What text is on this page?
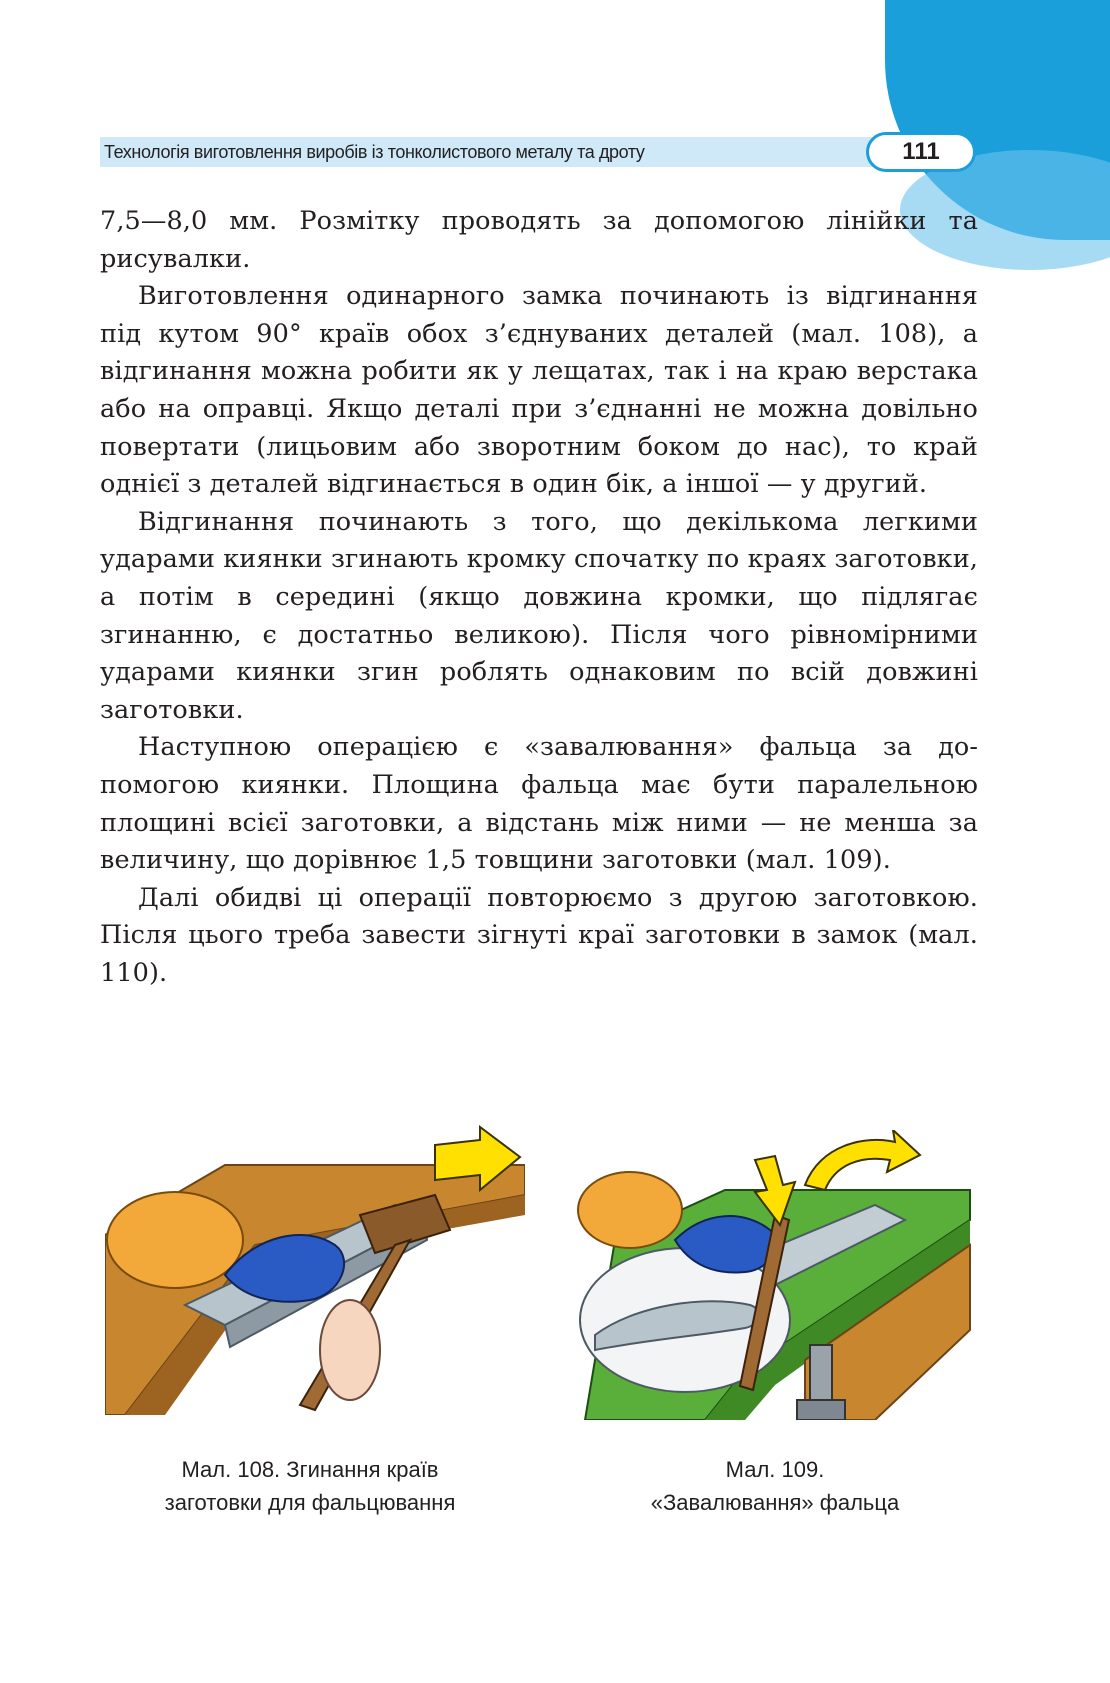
Технологія виготовлення виробів із тонколистового металу та дроту	111

7,5—8,0 мм. Розмітку проводять за допомогою лінійки та рисувалки.

Виготовлення одинарного замка починають із відгинання під кутом 90° країв обох з’єднуваних деталей (мал. 108), а відгинання можна робити як у лещатах, так і на краю верстака або на оправці. Якщо деталі при з’єднанні не можна довільно повертати (лицьовим або зворотним боком до нас), то край однієї з деталей відгинається в один бік, а іншої — у другий.

Відгинання починають з того, що декількома легкими ударами киянки згинають кромку спочатку по краях заготовки, а потім в середині (якщо довжина кромки, що підлягає згинанню, є достатньо великою). Після чого рівномірними ударами киянки згин роблять однаковим по всій довжині заготовки.

Наступною операцією є «завалювання» фальца за допомогою киянки. Площина фальца має бути паралельною площині всієї заготовки, а відстань між ними — не менша за величину, що дорівнює 1,5 товщини заготовки (мал. 109).

Далі обидві ці операції повторюємо з другою заготовкою. Після цього треба завести зігнуті краї заготовки в замок (мал. 110).

Мал. 108. Згинання країв
заготовки для фальцювання
Мал. 109.
«Завалювання» фальца
